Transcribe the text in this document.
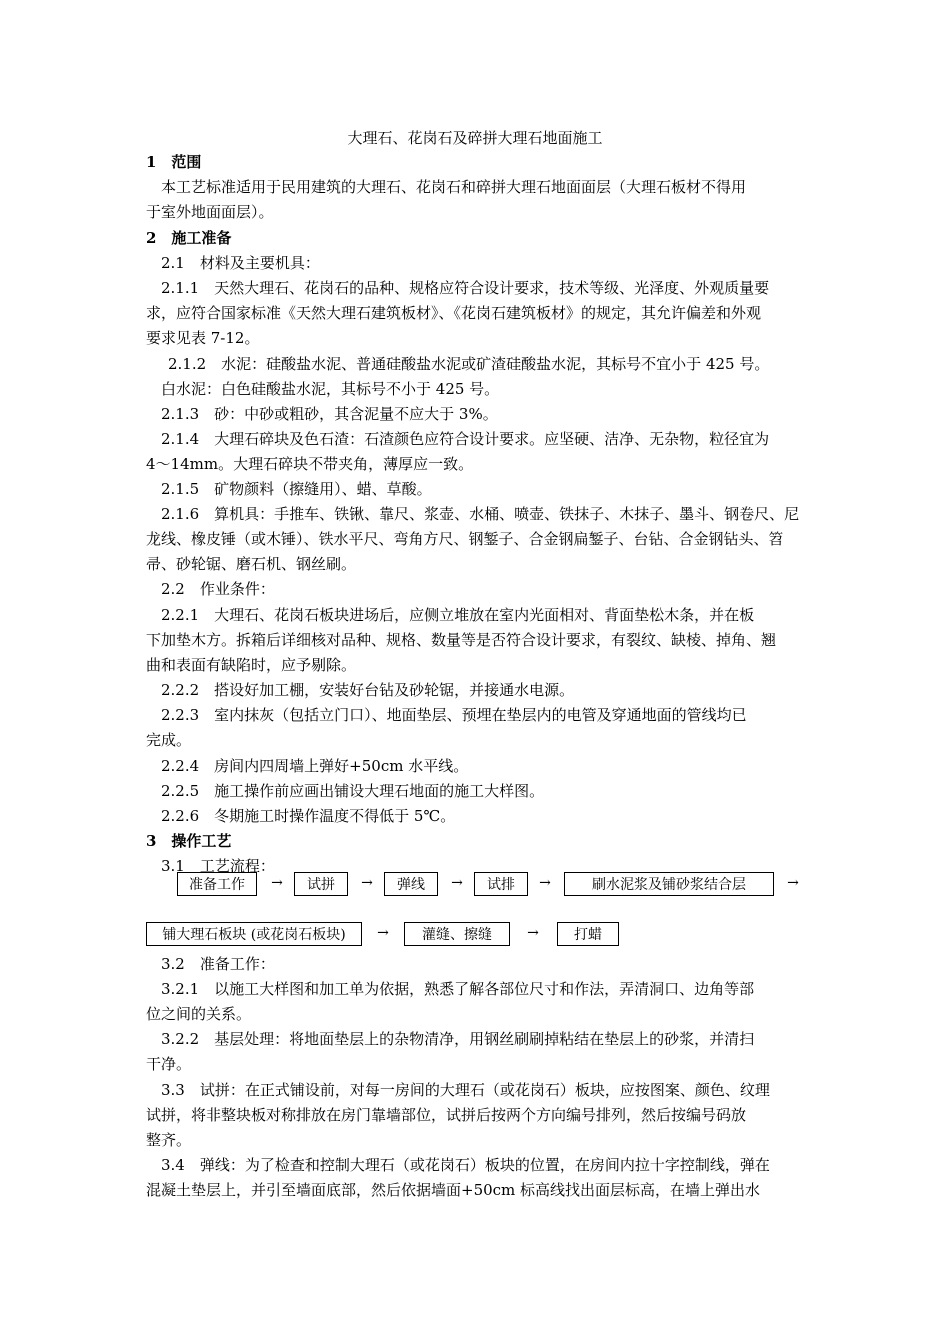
大理石、花岗石及碎拼大理石地面施工
1　范围
　本工艺标准适用于民用建筑的大理石、花岗石和碎拼大理石地面面层（大理石板材不得用
于室外地面面层）。
2　施工准备
2.1　材料及主要机具：
2.1.1　天然大理石、花岗石的品种、规格应符合设计要求，技术等级、光泽度、外观质量要
求，应符合国家标准《天然大理石建筑板材》、《花岗石建筑板材》的规定，其允许偏差和外观
要求见表 7-12。
2.1.2　水泥：硅酸盐水泥、普通硅酸盐水泥或矿渣硅酸盐水泥，其标号不宜小于 425 号。
白水泥：白色硅酸盐水泥，其标号不小于 425 号。
2.1.3　砂：中砂或粗砂，其含泥量不应大于 3%。
2.1.4　大理石碎块及色石渣：石渣颜色应符合设计要求。应坚硬、洁净、无杂物，粒径宜为
4～14mm。大理石碎块不带夹角，薄厚应一致。
2.1.5　矿物颜料（擦缝用）、蜡、草酸。
2.1.6　算机具：手推车、铁锹、靠尺、浆壶、水桶、喷壶、铁抹子、木抹子、墨斗、钢卷尺、尼
龙线、橡皮锤（或木锤）、铁水平尺、弯角方尺、钢錾子、合金钢扁錾子、台钻、合金钢钻头、笤
帚、砂轮锯、磨石机、钢丝刷。
2.2　作业条件：
2.2.1　大理石、花岗石板块进场后，应侧立堆放在室内光面相对、背面垫松木条，并在板
下加垫木方。拆箱后详细核对品种、规格、数量等是否符合设计要求，有裂纹、缺棱、掉角、翘
曲和表面有缺陷时，应予剔除。
2.2.2　搭设好加工棚，安装好台钻及砂轮锯，并接通水电源。
2.2.3　室内抹灰（包括立门口）、地面垫层、预埋在垫层内的电管及穿通地面的管线均已
完成。
2.2.4　房间内四周墙上弹好+50cm 水平线。
2.2.5　施工操作前应画出铺设大理石地面的施工大样图。
2.2.6　冬期施工时操作温度不得低于 5℃。
3　操作工艺
3.1　工艺流程：
准备工作	→	试拼	→	弹线	→	试排	→	刷水泥浆及铺砂浆结合层	→
铺大理石板块 (或花岗石板块)	→	灌缝、擦缝	→	打蜡
3.2　准备工作：
3.2.1　以施工大样图和加工单为依据，熟悉了解各部位尺寸和作法，弄清洞口、边角等部
位之间的关系。
3.2.2　基层处理：将地面垫层上的杂物清净，用钢丝刷刷掉粘结在垫层上的砂浆，并清扫
干净。
3.3　试拼：在正式铺设前，对每一房间的大理石（或花岗石）板块，应按图案、颜色、纹理
试拼，将非整块板对称排放在房门靠墙部位，试拼后按两个方向编号排列，然后按编号码放
整齐。
3.4　弹线：为了检查和控制大理石（或花岗石）板块的位置，在房间内拉十字控制线，弹在
混凝土垫层上，并引至墙面底部，然后依据墙面+50cm 标高线找出面层标高，在墙上弹出水
